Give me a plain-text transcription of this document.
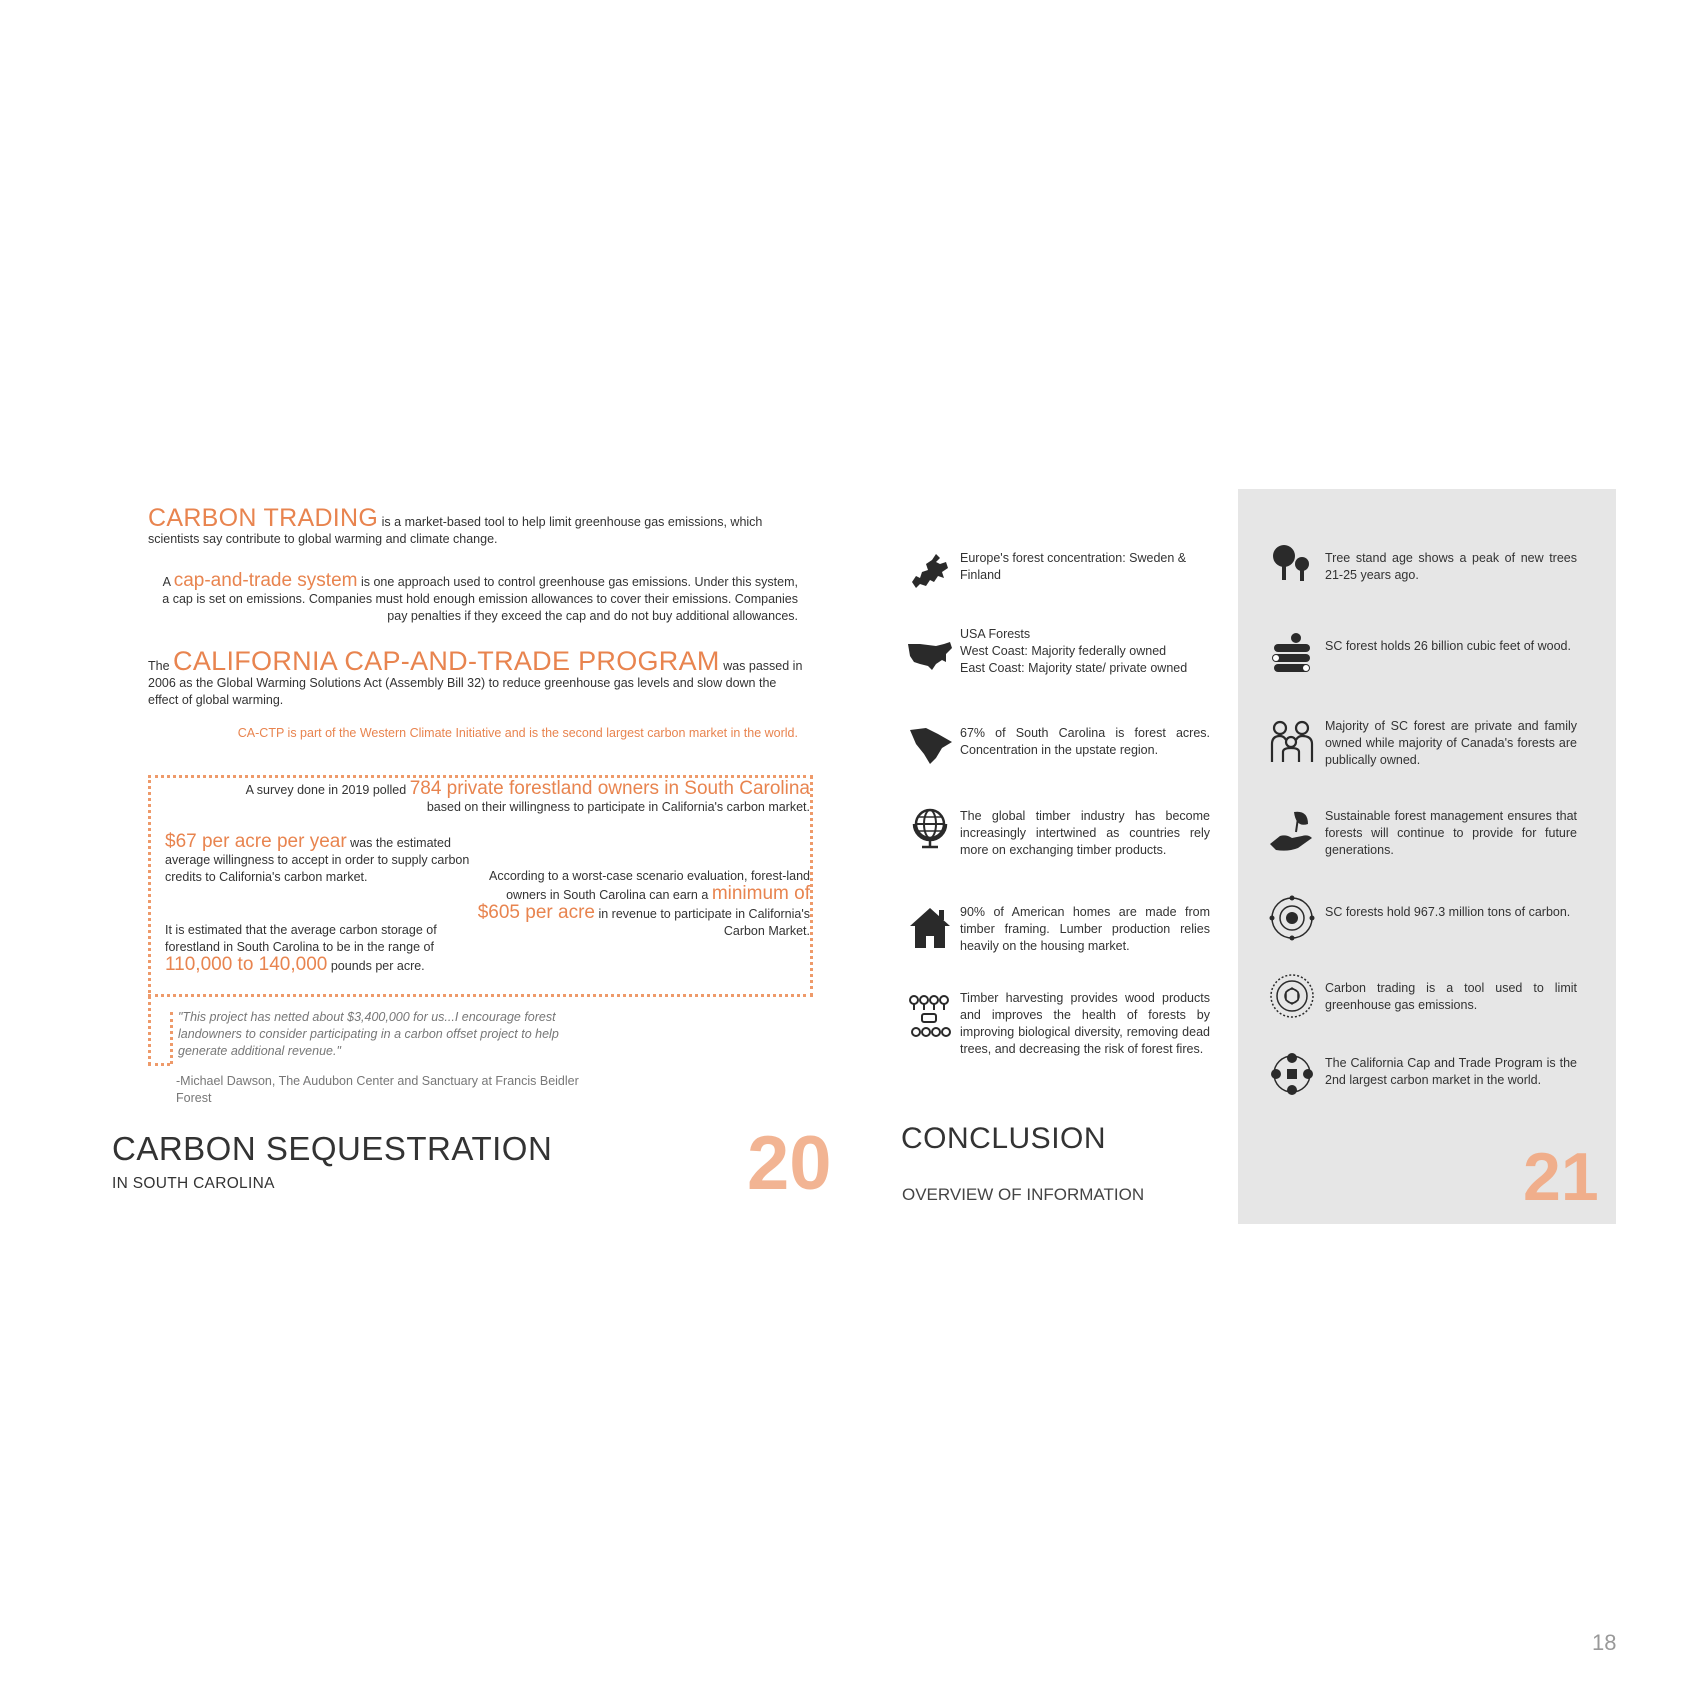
CARBON TRADING is a market-based tool to help limit greenhouse gas emissions, which scientists say contribute to global warming and climate change.
A cap-and-trade system is one approach used to control greenhouse gas emissions. Under this system, a cap is set on emissions. Companies must hold enough emission allowances to cover their emissions. Companies pay penalties if they exceed the cap and do not buy additional allowances.
The CALIFORNIA CAP-AND-TRADE PROGRAM was passed in 2006 as the Global Warming Solutions Act (Assembly Bill 32) to reduce greenhouse gas levels and slow down the effect of global warming.
CA-CTP is part of the Western Climate Initiative and is the second largest carbon market in the world.
A survey done in 2019 polled 784 private forestland owners in South Carolina
based on their willingness to participate in California's carbon market.
$67 per acre per year was the estimated average willingness to accept in order to supply carbon credits to California's carbon market.
It is estimated that the average carbon storage of forestland in South Carolina to be in the range of
110,000 to 140,000 pounds per acre.
According to a worst-case scenario evaluation, forest-land owners in South Carolina can earn a minimum of $605 per acre in revenue to participate in California's Carbon Market.
"This project has netted about $3,400,000 for us...I encourage forest landowners to consider participating in a carbon offset project to help generate additional revenue."
-Michael Dawson, The Audubon Center and Sanctuary at Francis Beidler Forest
CARBON SEQUESTRATION
IN SOUTH CAROLINA	20
Europe's forest concentration: Sweden & Finland
USA Forests
West Coast: Majority federally owned
East Coast: Majority state/ private owned
67% of South Carolina is forest acres. Concentration in the upstate region.
The global timber industry has become increasingly intertwined as countries rely more on exchanging timber products.
90% of American homes are made from timber framing. Lumber production relies heavily on the housing market.
Timber harvesting provides wood products and improves the health of forests by improving biological diversity, removing dead trees, and decreasing the risk of forest fires.
Tree stand age shows a peak of new trees 21-25 years ago.
SC forest holds 26 billion cubic feet of wood.
Majority of SC forest are private and family owned while majority of Canada's forests are publically owned.
Sustainable forest management ensures that forests will continue to provide for future generations.
SC forests hold 967.3 million tons of carbon.
Carbon trading is a tool used to limit greenhouse gas emissions.
The California Cap and Trade Program is the 2nd largest carbon market in the world.
CONCLUSION
OVERVIEW OF INFORMATION	21
18
